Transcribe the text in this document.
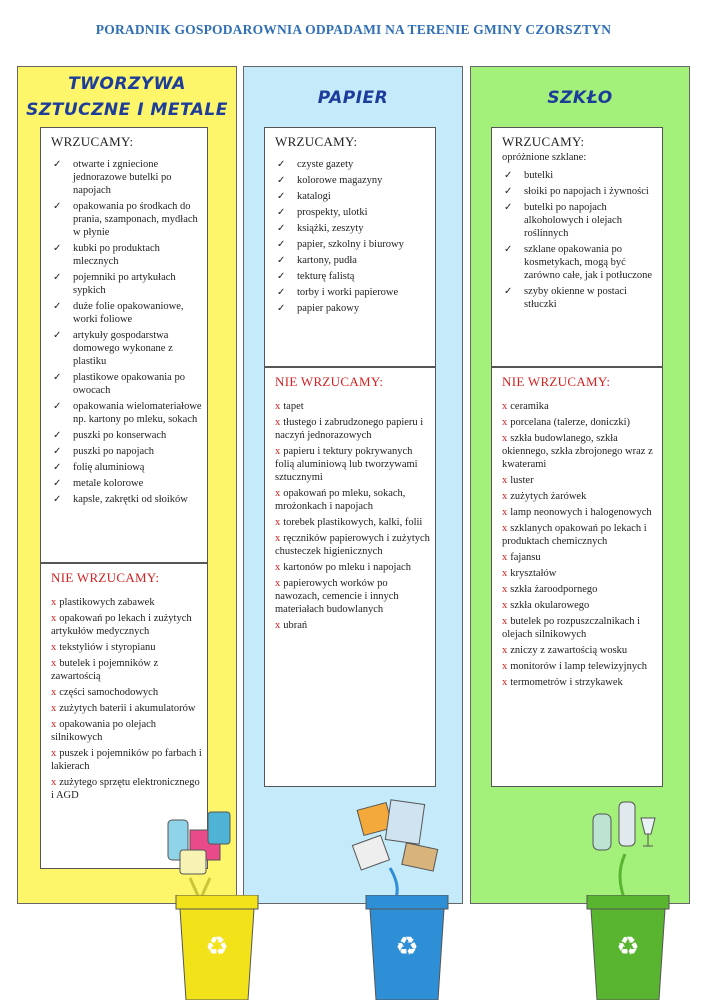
PORADNIK GOSPODAROWNIA ODPADAMI NA TERENIE GMINY CZORSZTYN
TWORZYWA
SZTUCZNE I METALE
WRZUCAMY:
✓ otwarte i zgniecione jednorazowe butelki po napojach
✓ opakowania po środkach do prania, szamponach, mydłach w płynie
✓ kubki po produktach mlecznych
✓ pojemniki po artykułach sypkich
✓ duże folie opakowaniowe, worki foliowe
✓ artykuły gospodarstwa domowego wykonane z plastiku
✓ plastikowe opakowania po owocach
✓ opakowania wielomateriałowe np. kartony po mleku, sokach
✓ puszki po konserwach
✓ puszki po napojach
✓ folię aluminiową
✓ metale kolorowe
✓ kapsle, zakrętki od słoików
NIE WRZUCAMY:
x plastikowych zabawek
x opakowań po lekach i zużytych artykułów medycznych
x tekstyliów i styropianu
x butelek i pojemników z zawartością
x części samochodowych
x zużytych baterii i akumulatorów
x opakowania po olejach silnikowych
x puszek i pojemników po farbach i lakierach
x zużytego sprzętu elektronicznego i AGD
PAPIER
WRZUCAMY:
✓ czyste gazety
✓ kolorowe magazyny
✓ katalogi
✓ prospekty, ulotki
✓ książki, zeszyty
✓ papier, szkolny i biurowy
✓ kartony, pudła
✓ tekturę falistą
✓ torby i worki papierowe
✓ papier pakowy
NIE WRZUCAMY:
x tapet
x tłustego i zabrudzonego papieru i naczyń jednorazowych
x papieru i tektury pokrywanych folią aluminiową lub tworzywami sztucznymi
x opakowań po mleku, sokach, mrożonkach i napojach
x torebek plastikowych, kalki, folii
x ręczników papierowych i zużytych chusteczek higienicznych
x kartonów po mleku i napojach
x papierowych worków po nawozach, cemencie i innych materiałach budowlanych
x ubrań
SZKŁO
WRZUCAMY:
opróżnione szklane:
✓ butelki
✓ słoiki po napojach i żywności
✓ butelki po napojach alkoholowych i olejach roślinnych
✓ szklane opakowania po kosmetykach, mogą być zarówno całe, jak i potłuczone
✓ szyby okienne w postaci stłuczki
NIE WRZUCAMY:
x ceramika
x porcelana (talerze, doniczki)
x szkła budowlanego, szkła okiennego, szkła zbrojonego wraz z kwaterami
x luster
x zużytych żarówek
x lamp neonowych i halogenowych
x szklanych opakowań po lekach i produktach chemicznych
x fajansu
x kryształów
x szkła żaroodpornego
x szkła okularowego
x butelek po rozpuszczalnikach i olejach silnikowych
x zniczy z zawartością wosku
x monitorów i lamp telewizyjnych
x termometrów i strzykawek
♻	♻	♻
